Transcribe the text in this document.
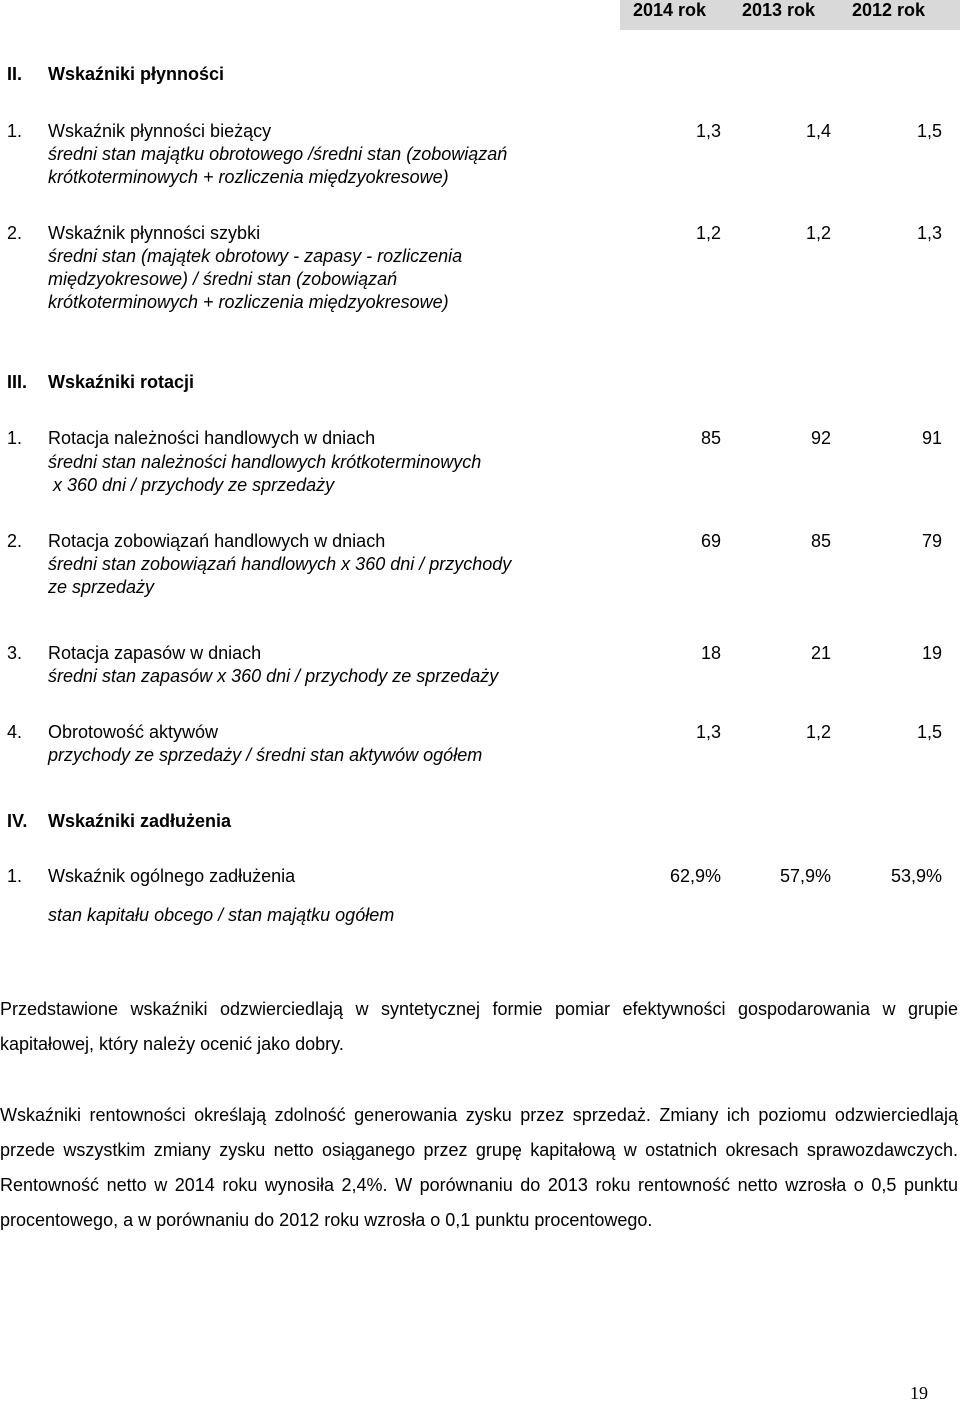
2014 rok 2013 rok 2012 rok
II. Wskaźniki płynności
1. Wskaźnik płynności bieżący
średni stan majątku obrotowego /średni stan (zobowiązań
krótkoterminowych + rozliczenia międzyokresowe)
1,3	1,4	1,5
2. Wskaźnik płynności szybki
średni stan (majątek obrotowy - zapasy - rozliczenia
międzyokresowe) / średni stan (zobowiązań
krótkoterminowych + rozliczenia międzyokresowe)
1,2	1,2	1,3
III. Wskaźniki rotacji
1. Rotacja należności handlowych w dniach
średni stan należności handlowych krótkoterminowych
x 360 dni / przychody ze sprzedaży
85	92	91
2. Rotacja zobowiązań handlowych w dniach
średni stan zobowiązań handlowych x 360 dni / przychody
ze sprzedaży
69	85	79
3. Rotacja zapasów w dniach
średni stan zapasów x 360 dni / przychody ze sprzedaży
18	21	19
4. Obrotowość aktywów
przychody ze sprzedaży / średni stan aktywów ogółem
1,3	1,2	1,5
IV. Wskaźniki zadłużenia
1. Wskaźnik ogólnego zadłużenia
stan kapitału obcego / stan majątku ogółem
62,9%	57,9%	53,9%
Przedstawione wskaźniki odzwierciedlają w syntetycznej formie pomiar efektywności gospodarowania w grupie kapitałowej, który należy ocenić jako dobry.
Wskaźniki rentowności określają zdolność generowania zysku przez sprzedaż. Zmiany ich poziomu odzwierciedlają przede wszystkim zmiany zysku netto osiąganego przez grupę kapitałową w ostatnich okresach sprawozdawczych. Rentowność netto w 2014 roku wynosiła 2,4%. W porównaniu do 2013 roku rentowność netto wzrosła o 0,5 punktu procentowego, a w porównaniu do 2012 roku wzrosła o 0,1 punktu procentowego.
19
